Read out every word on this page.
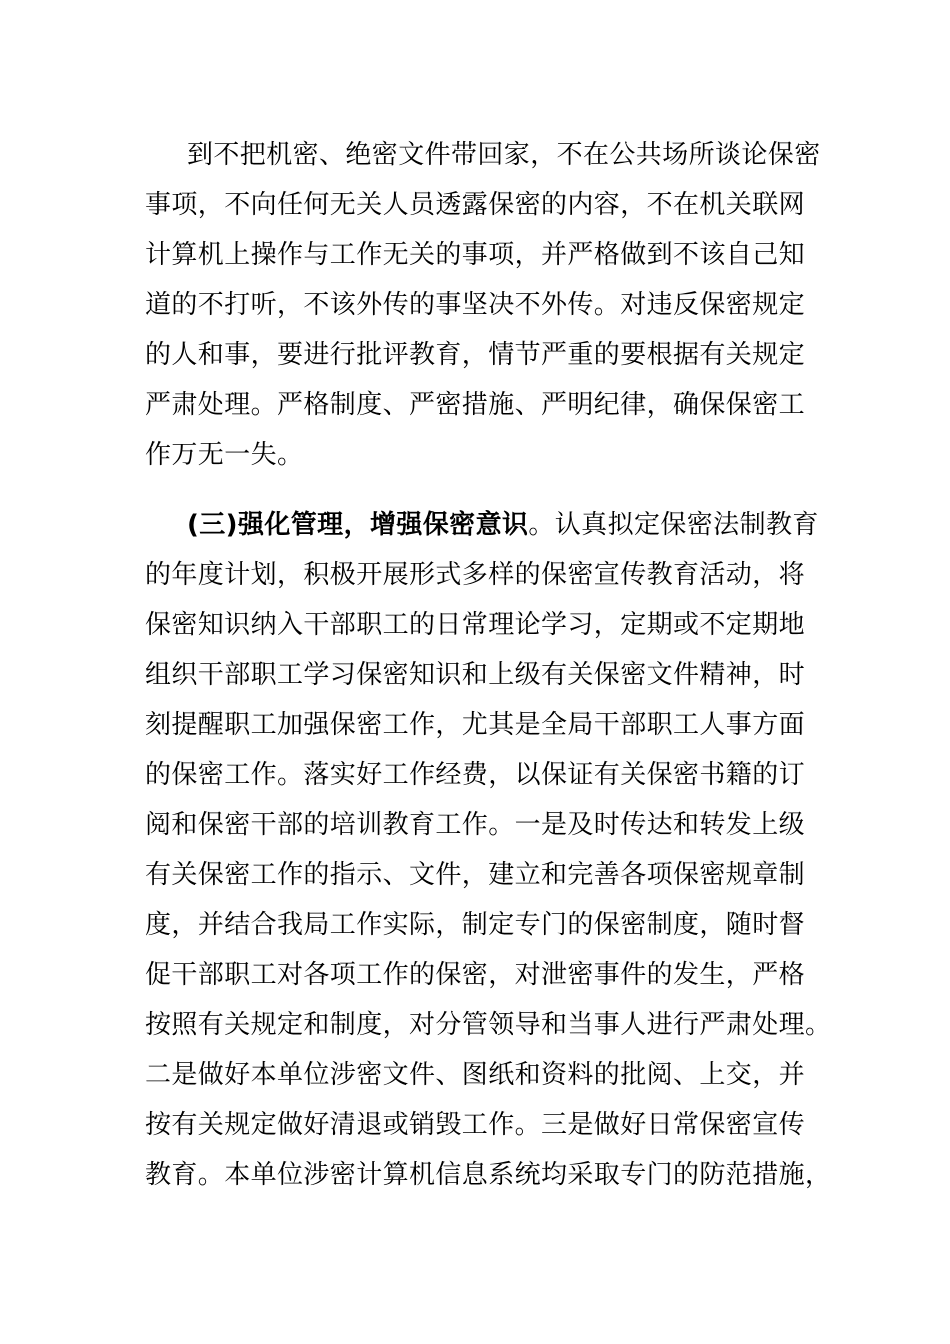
到不把机密、绝密文件带回家，不在公共场所谈论保密
事项，不向任何无关人员透露保密的内容，不在机关联网
计算机上操作与工作无关的事项，并严格做到不该自己知
道的不打听，不该外传的事坚决不外传。对违反保密规定
的人和事，要进行批评教育，情节严重的要根据有关规定
严肃处理。严格制度、严密措施、严明纪律，确保保密工
作万无一失。
(三)强化管理，增强保密意识。认真拟定保密法制教育
的年度计划，积极开展形式多样的保密宣传教育活动，将
保密知识纳入干部职工的日常理论学习，定期或不定期地
组织干部职工学习保密知识和上级有关保密文件精神，时
刻提醒职工加强保密工作，尤其是全局干部职工人事方面
的保密工作。落实好工作经费，以保证有关保密书籍的订
阅和保密干部的培训教育工作。一是及时传达和转发上级
有关保密工作的指示、文件，建立和完善各项保密规章制
度，并结合我局工作实际，制定专门的保密制度，随时督
促干部职工对各项工作的保密，对泄密事件的发生，严格
按照有关规定和制度，对分管领导和当事人进行严肃处理。
二是做好本单位涉密文件、图纸和资料的批阅、上交，并
按有关规定做好清退或销毁工作。三是做好日常保密宣传
教育。本单位涉密计算机信息系统均采取专门的防范措施，
